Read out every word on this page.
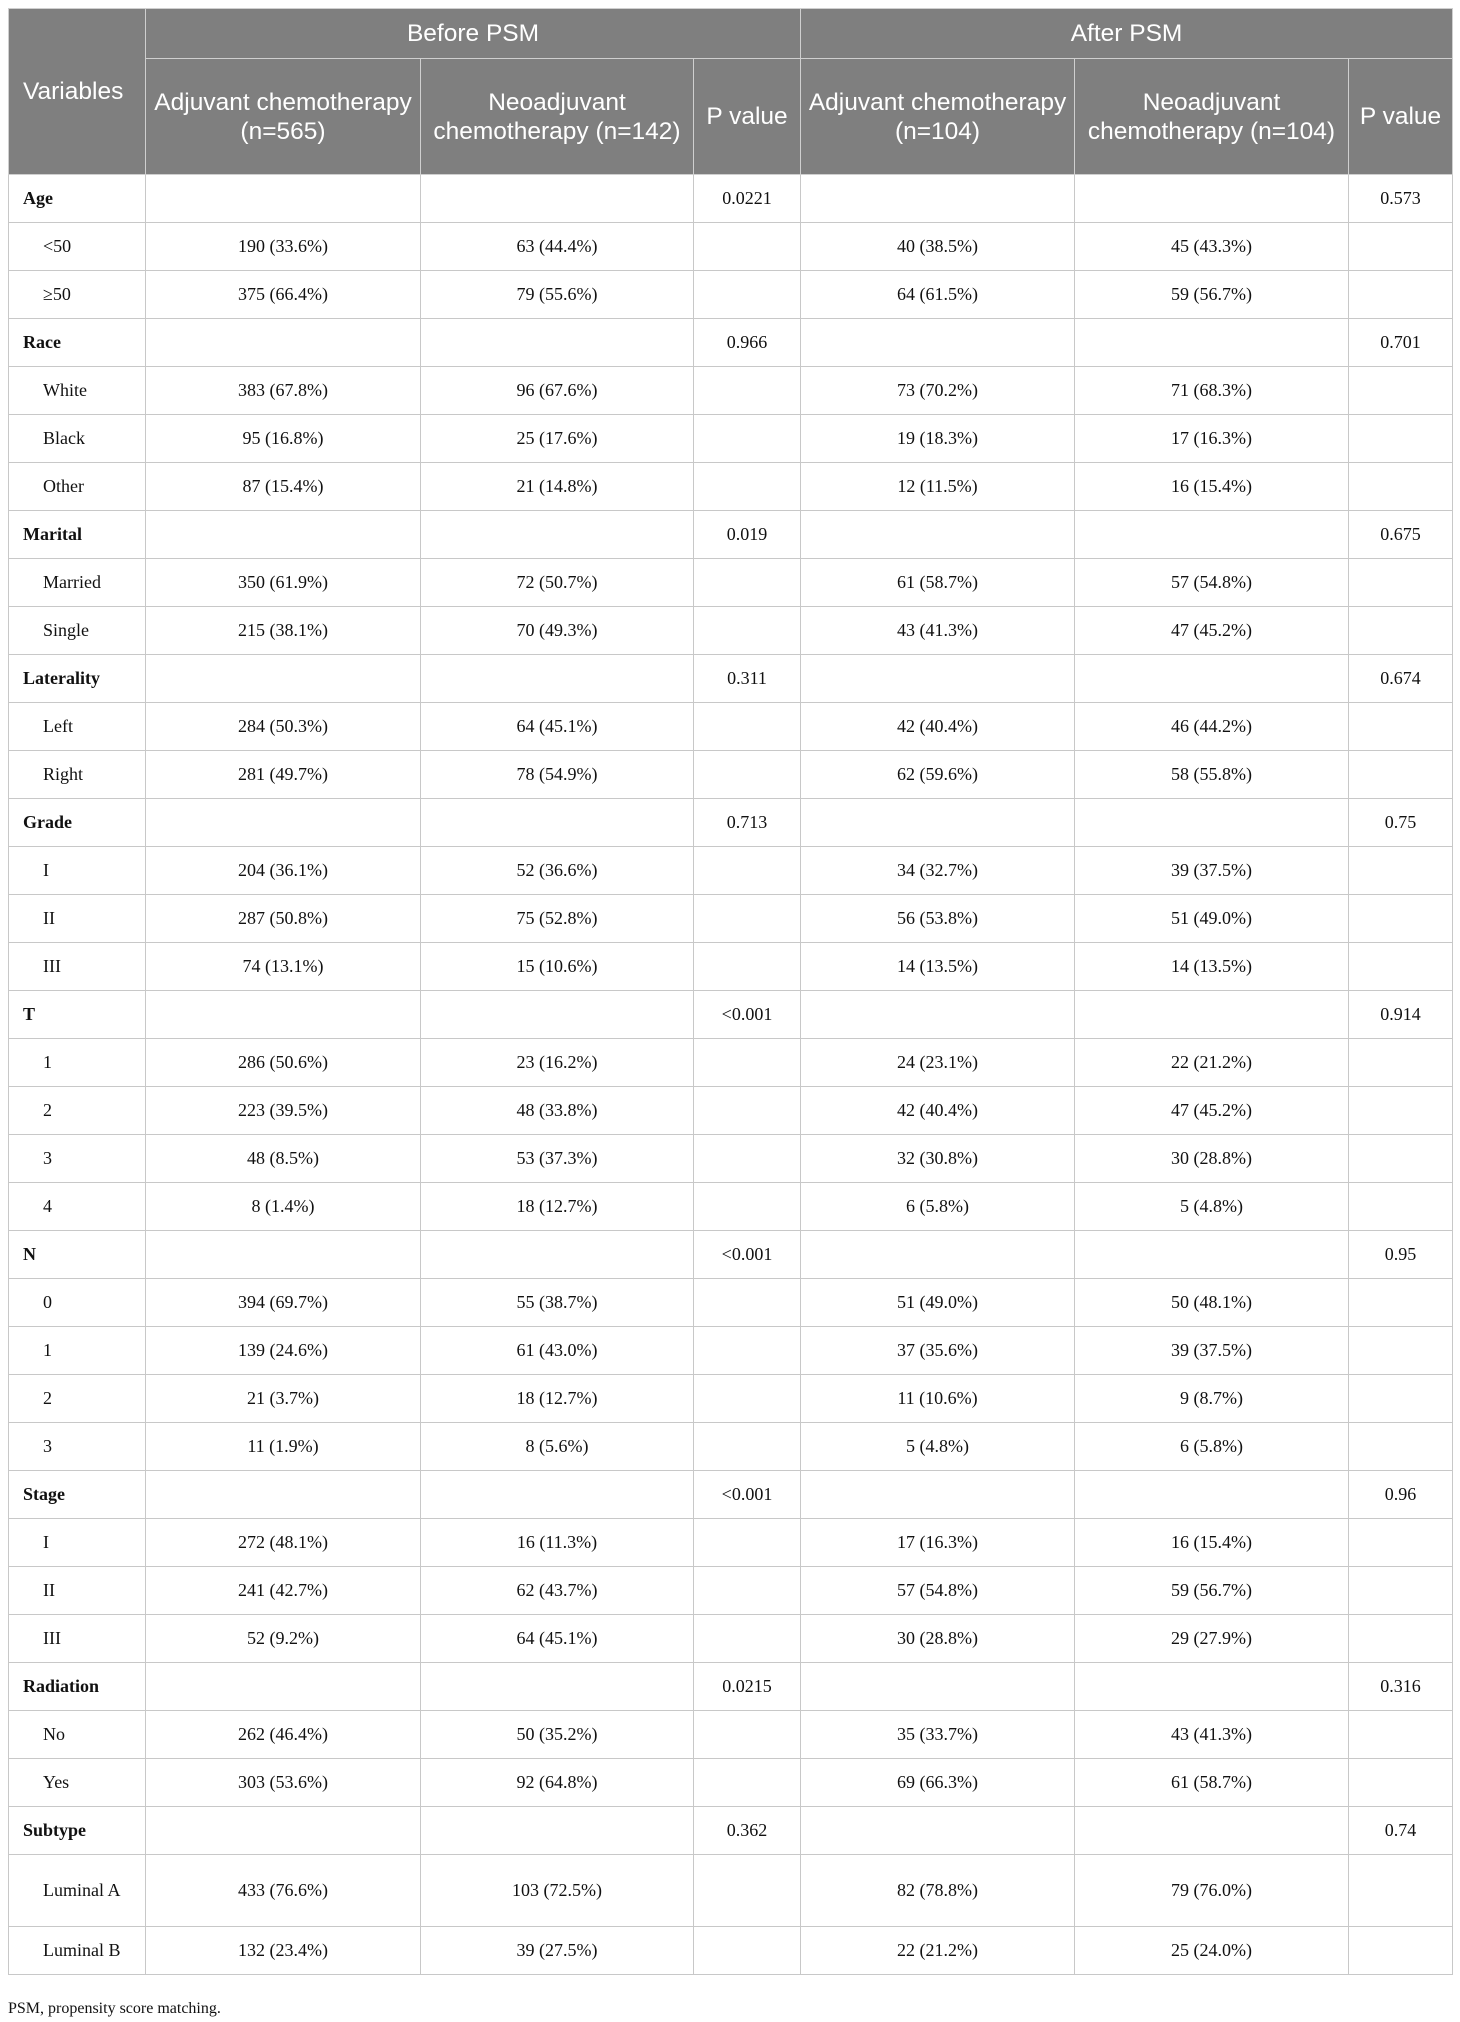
Variables	Before PSM			After PSM		
	Adjuvant chemotherapy (n=565)	Neoadjuvant chemotherapy (n=142)	P value	Adjuvant chemotherapy (n=104)	Neoadjuvant chemotherapy (n=104)	P value
Age			0.0221			0.573
<50	190 (33.6%)	63 (44.4%)		40 (38.5%)	45 (43.3%)	
≥50	375 (66.4%)	79 (55.6%)		64 (61.5%)	59 (56.7%)	
Race			0.966			0.701
White	383 (67.8%)	96 (67.6%)		73 (70.2%)	71 (68.3%)	
Black	95 (16.8%)	25 (17.6%)		19 (18.3%)	17 (16.3%)	
Other	87 (15.4%)	21 (14.8%)		12 (11.5%)	16 (15.4%)	
Marital			0.019			0.675
Married	350 (61.9%)	72 (50.7%)		61 (58.7%)	57 (54.8%)	
Single	215 (38.1%)	70 (49.3%)		43 (41.3%)	47 (45.2%)	
Laterality			0.311			0.674
Left	284 (50.3%)	64 (45.1%)		42 (40.4%)	46 (44.2%)	
Right	281 (49.7%)	78 (54.9%)		62 (59.6%)	58 (55.8%)	
Grade			0.713			0.75
I	204 (36.1%)	52 (36.6%)		34 (32.7%)	39 (37.5%)	
II	287 (50.8%)	75 (52.8%)		56 (53.8%)	51 (49.0%)	
III	74 (13.1%)	15 (10.6%)		14 (13.5%)	14 (13.5%)	
T			<0.001			0.914
1	286 (50.6%)	23 (16.2%)		24 (23.1%)	22 (21.2%)	
2	223 (39.5%)	48 (33.8%)		42 (40.4%)	47 (45.2%)	
3	48 (8.5%)	53 (37.3%)		32 (30.8%)	30 (28.8%)	
4	8 (1.4%)	18 (12.7%)		6 (5.8%)	5 (4.8%)	
N			<0.001			0.95
0	394 (69.7%)	55 (38.7%)		51 (49.0%)	50 (48.1%)	
1	139 (24.6%)	61 (43.0%)		37 (35.6%)	39 (37.5%)	
2	21 (3.7%)	18 (12.7%)		11 (10.6%)	9 (8.7%)	
3	11 (1.9%)	8 (5.6%)		5 (4.8%)	6 (5.8%)	
Stage			<0.001			0.96
I	272 (48.1%)	16 (11.3%)		17 (16.3%)	16 (15.4%)	
II	241 (42.7%)	62 (43.7%)		57 (54.8%)	59 (56.7%)	
III	52 (9.2%)	64 (45.1%)		30 (28.8%)	29 (27.9%)	
Radiation			0.0215			0.316
No	262 (46.4%)	50 (35.2%)		35 (33.7%)	43 (41.3%)	
Yes	303 (53.6%)	92 (64.8%)		69 (66.3%)	61 (58.7%)	
Subtype			0.362			0.74
Luminal A	433 (76.6%)	103 (72.5%)		82 (78.8%)	79 (76.0%)	
Luminal B	132 (23.4%)	39 (27.5%)		22 (21.2%)	25 (24.0%)	

PSM, propensity score matching.
